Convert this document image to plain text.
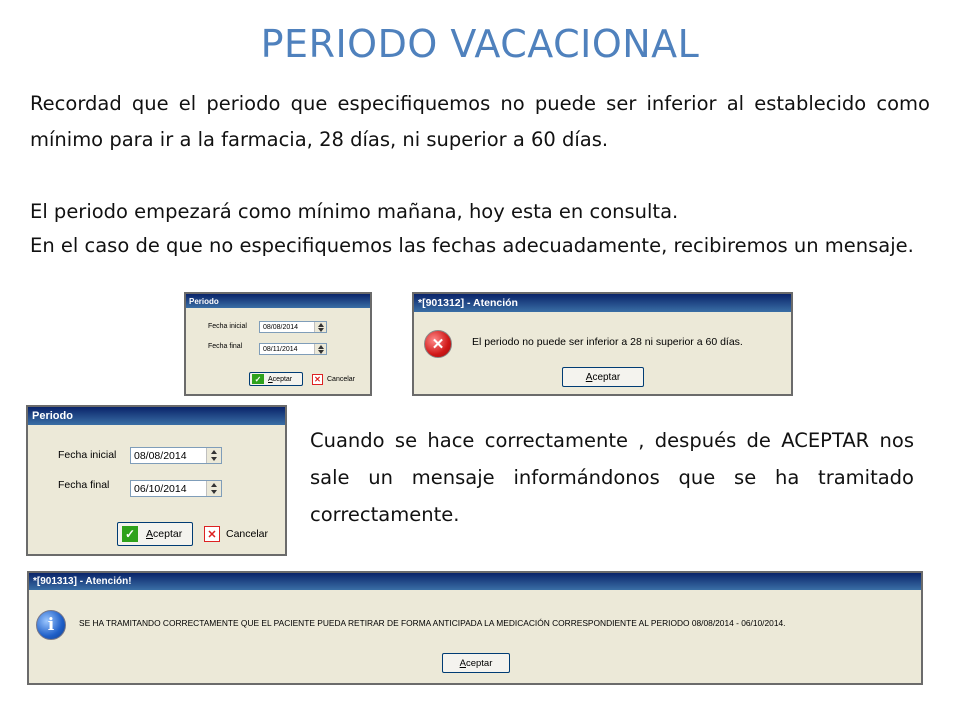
PERIODO VACACIONAL

Recordad que el periodo que especifiquemos no puede ser inferior al establecido como mínimo para ir a la farmacia, 28 días, ni superior a 60 días.

El periodo empezará como mínimo mañana, hoy esta en consulta.

En el caso de que no especifiquemos las fechas adecuadamente, recibiremos un mensaje.

Periodo
Fecha inicial	08/08/2014
Fecha final	08/11/2014
✓ Aceptar	✕ Cancelar
*[901312] - Atención
✕	El periodo no puede ser inferior a 28 ni superior a 60 días.
Aceptar
Periodo
Fecha inicial 08/08/2014
Fecha final 06/10/2014
✓ Aceptar	✕ Cancelar

Cuando se hace correctamente , después de ACEPTAR nos sale un mensaje informándonos que se ha tramitado correctamente.

*[901313] - Atención!
i	SE HA TRAMITANDO CORRECTAMENTE QUE EL PACIENTE PUEDA RETIRAR DE FORMA ANTICIPADA LA MEDICACIÓN CORRESPONDIENTE AL PERIODO 08/08/2014 - 06/10/2014.
Aceptar
